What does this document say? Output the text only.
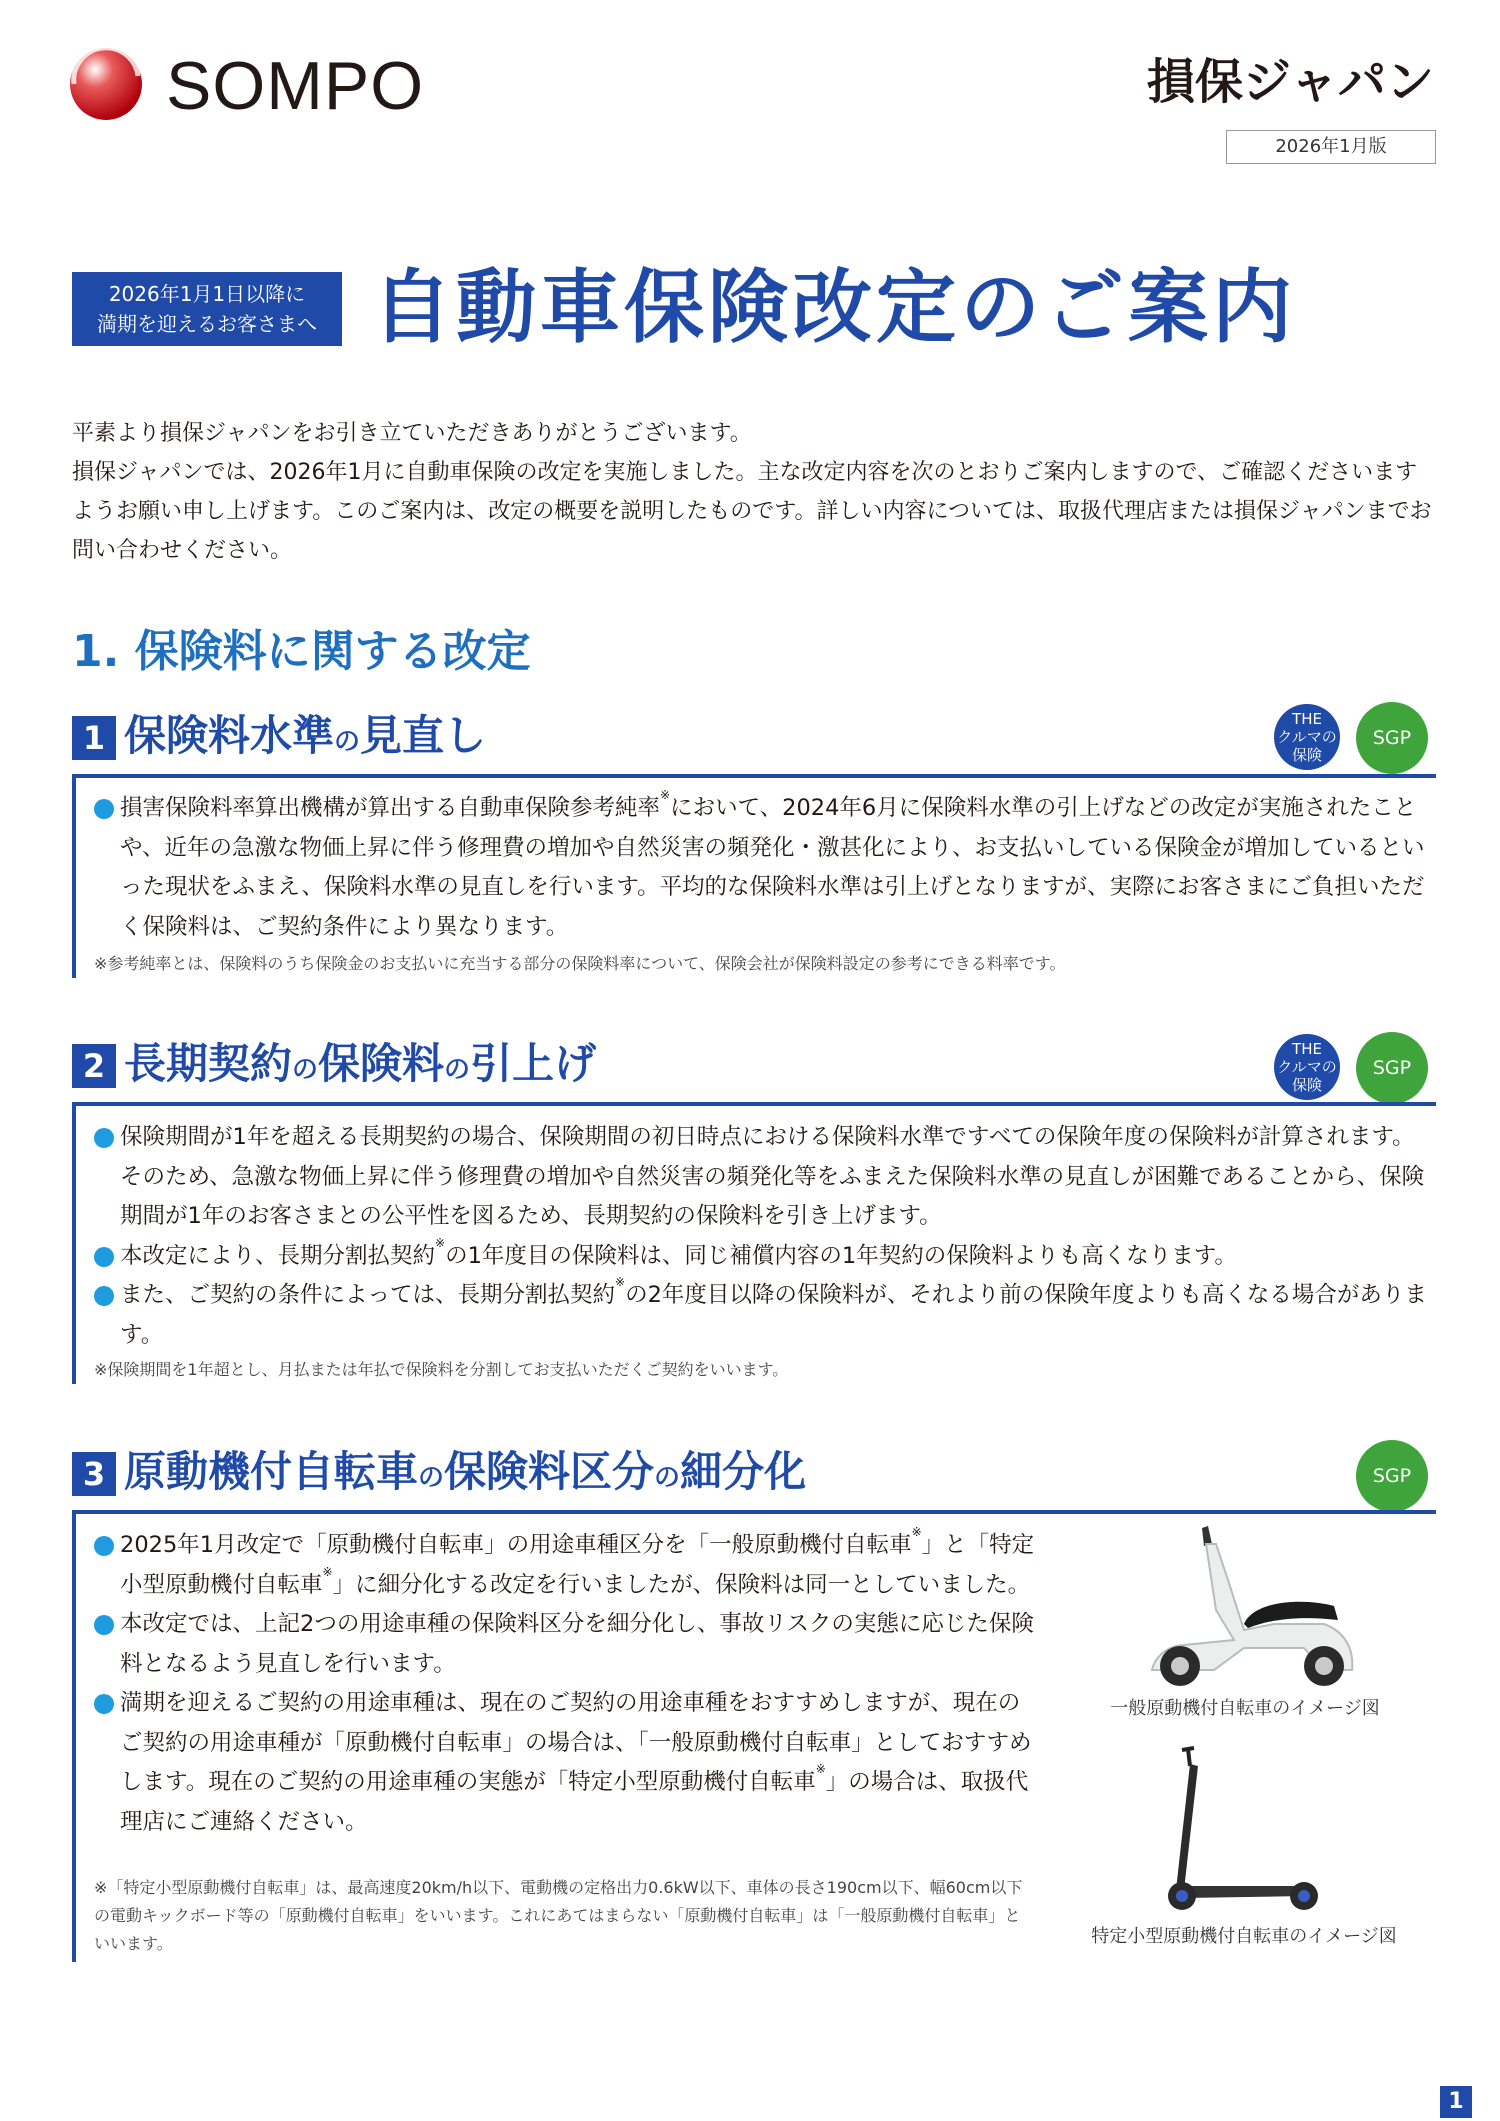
SOMPO	損保ジャパン
2026年1月版
2026年1月1日以降に
満期を迎えるお客さまへ 自動車保険改定のご案内

平素より損保ジャパンをお引き立ていただきありがとうございます。

損保ジャパンでは、2026年1月に自動車保険の改定を実施しました。主な改定内容を次のとおりご案内しますので、ご確認くださいますようお願い申し上げます。このご案内は、改定の概要を説明したものです。詳しい内容については、取扱代理店または損保ジャパンまでお問い合わせください。

1. 保険料に関する改定
1 保険料水準の見直し	THE
クルマの
保険
SGP

損害保険料率算出機構が算出する自動車保険参考純率※において、2024年6月に保険料水準の引上げなどの改定が実施されたことや、近年の急激な物価上昇に伴う修理費の増加や自然災害の頻発化・激甚化により、お支払いしている保険金が増加しているといった現状をふまえ、保険料水準の見直しを行います。平均的な保険料水準は引上げとなりますが、実際にお客さまにご負担いただく保険料は、ご契約条件により異なります。

※参考純率とは、保険料のうち保険金のお支払いに充当する部分の保険料率について、保険会社が保険料設定の参考にできる料率です。
2 長期契約の保険料の引上げ	THE
クルマの
保険
SGP

保険期間が1年を超える長期契約の場合、保険期間の初日時点における保険料水準ですべての保険年度の保険料が計算されます。そのため、急激な物価上昇に伴う修理費の増加や自然災害の頻発化等をふまえた保険料水準の見直しが困難であることから、保険期間が1年のお客さまとの公平性を図るため、長期契約の保険料を引き上げます。

本改定により、長期分割払契約※の1年度目の保険料は、同じ補償内容の1年契約の保険料よりも高くなります。

また、ご契約の条件によっては、長期分割払契約※の2年度目以降の保険料が、それより前の保険年度よりも高くなる場合があります。

※保険期間を1年超とし、月払または年払で保険料を分割してお支払いただくご契約をいいます。
3 原動機付自転車の保険料区分の細分化	SGP

2025年1月改定で「原動機付自転車」の用途車種区分を「一般原動機付自転車※」と「特定小型原動機付自転車※」に細分化する改定を行いましたが、保険料は同一としていました。

本改定では、上記2つの用途車種の保険料区分を細分化し、事故リスクの実態に応じた保険料となるよう見直しを行います。

満期を迎えるご契約の用途車種は、現在のご契約の用途車種をおすすめしますが、現在のご契約の用途車種が「原動機付自転車」の場合は、「一般原動機付自転車」としておすすめします。現在のご契約の用途車種の実態が「特定小型原動機付自転車※」の場合は、取扱代理店にご連絡ください。

※「特定小型原動機付自転車」は、最高速度20km/h以下、電動機の定格出力0.6kW以下、車体の長さ190cm以下、幅60cm以下の電動キックボード等の「原動機付自転車」をいいます。これにあてはまらない「原動機付自転車」は「一般原動機付自転車」といいます。
一般原動機付自転車のイメージ図
特定小型原動機付自転車のイメージ図
1
